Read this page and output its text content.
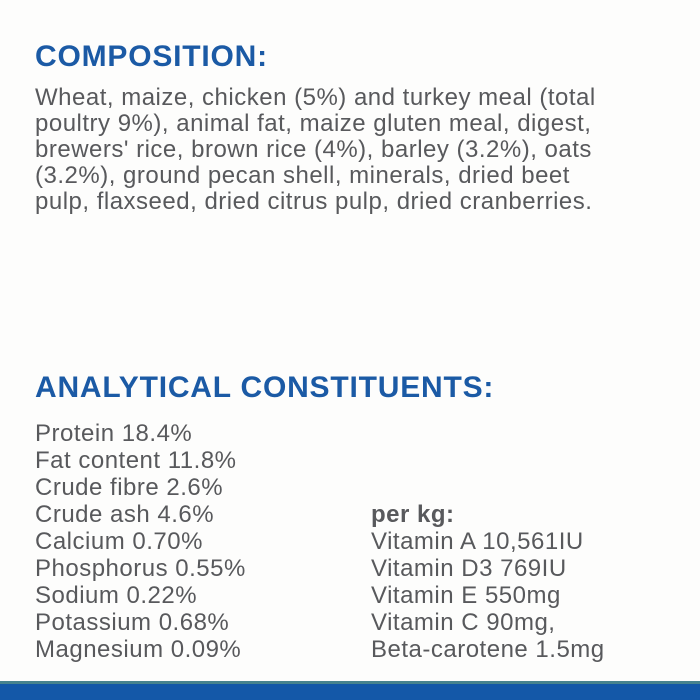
COMPOSITION:
Wheat, maize, chicken (5%) and turkey meal (total
poultry 9%), animal fat, maize gluten meal, digest,
brewers' rice, brown rice (4%), barley (3.2%), oats
(3.2%), ground pecan shell, minerals, dried beet
pulp, flaxseed, dried citrus pulp, dried cranberries.
ANALYTICAL CONSTITUENTS:
Protein 18.4%
Fat content 11.8%
Crude fibre 2.6%
Crude ash 4.6%
Calcium 0.70%
Phosphorus 0.55%
Sodium 0.22%
Potassium 0.68%
Magnesium 0.09%
per kg:
Vitamin A 10,561IU
Vitamin D3 769IU
Vitamin E 550mg
Vitamin C 90mg,
Beta-carotene 1.5mg
